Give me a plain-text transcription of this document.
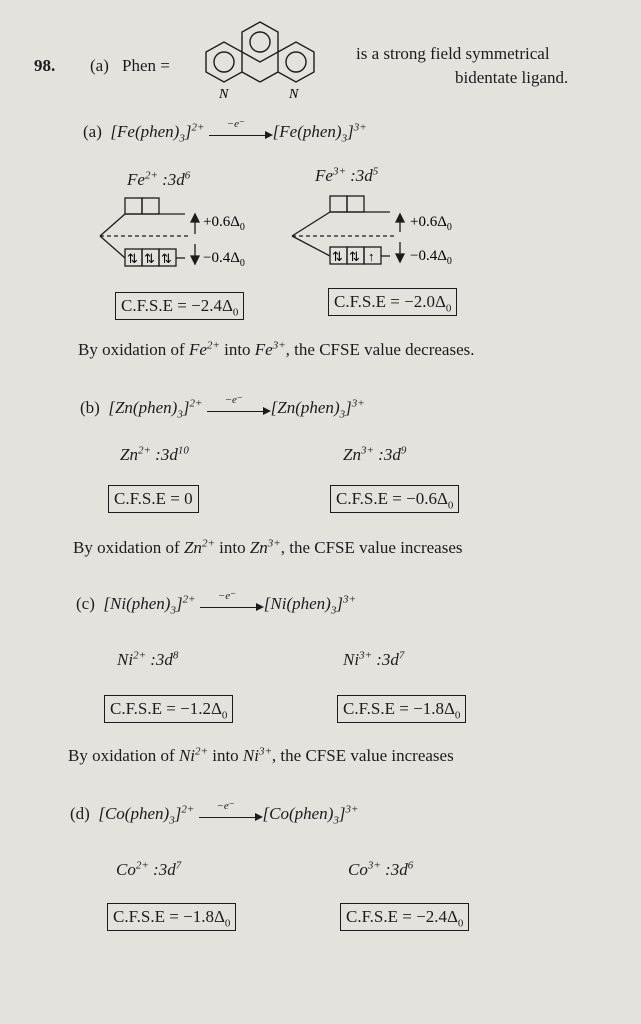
98. (a) Phen =
N	N
is a strong field symmetrical
bidentate ligand.
(a) $[Fe(phen)_3]^{2+} -e^-$ $[Fe(phen)_3]^{3+}$
$Fe^{2+}$ $:3d^6$	$Fe^{3+}$ $:3d^5$
⇅ ⇅ ⇅
$+0.6\Delta_0$
$-0.4\Delta_0$	⇅ ⇅ ↑
$+0.6\Delta_0$
$-0.4\Delta_0$
$C.F.S.E = -2.4\Delta_0$
$C.F.S.E = -2.0\Delta_0$
By oxidation of $Fe^{2+}$ into $Fe^{3+}$, the CFSE value decreases.
(b) $[Zn(phen)_3]^{2+} -e^-$ $[Zn(phen)_3]^{3+}$
$Zn^{2+}$ $:3d^{10}$	$Zn^{3+}$ $:3d^9$
C.F.S.E = 0	$C.F.S.E = -0.6\Delta_0$
By oxidation of $Zn^{2+}$ into $Zn^{3+}$, the CFSE value increases
(c) $[Ni(phen)_3]^{2+} -e^-$ $[Ni(phen)_3]^{3+}$
$Ni^{2+}$ $:3d^8$	$Ni^{3+}$ $:3d^7$
$C.F.S.E = -1.2\Delta_0$	$C.F.S.E = -1.8\Delta_0$
By oxidation of $Ni^{2+}$ into $Ni^{3+}$, the CFSE value increases
(d) $[Co(phen)_3]^{2+} -e^-$ $[Co(phen)_3]^{3+}$
$Co^{2+}$ $:3d^7$	$Co^{3+}$ $:3d^6$
$C.F.S.E = -1.8\Delta_0$	$C.F.S.E = -2.4\Delta_0$
